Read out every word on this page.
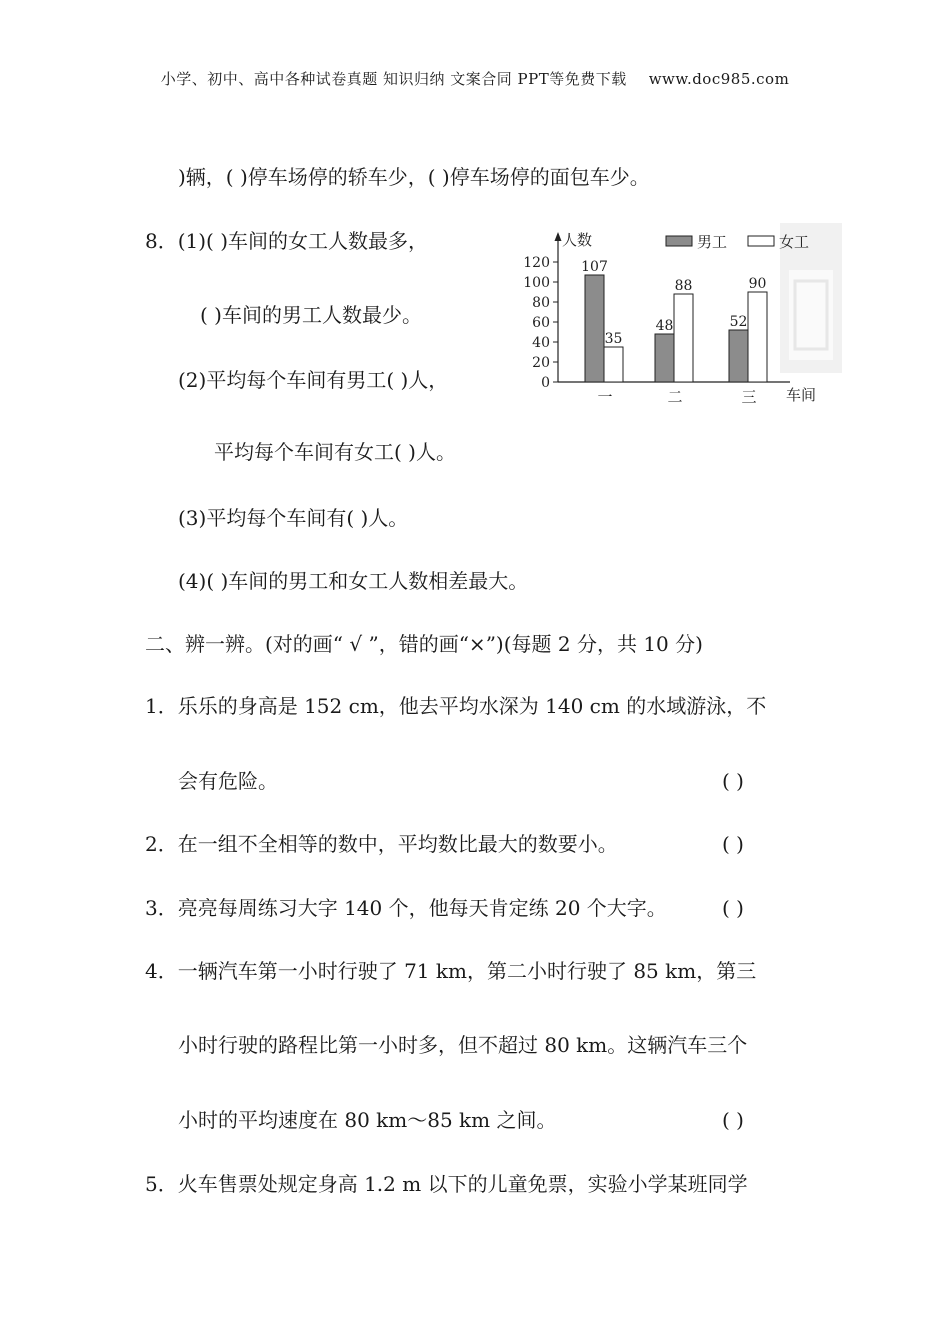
小学、初中、高中各种试卷真题 知识归纳 文案合同 PPT等免费下载 www.doc985.com
)辆，( )停车场停的轿车少，( )停车场停的面包车少。
8．(1)( )车间的女工人数最多，
( )车间的男工人数最少。
(2)平均每个车间有男工( )人，
平均每个车间有女工( )人。
(3)平均每个车间有( )人。
(4)( )车间的男工和女工人数相差最大。
二、辨一辨。(对的画“ √ ”，错的画“×”)(每题 2 分，共 10 分)
1．乐乐的身高是 152 cm，他去平均水深为 140 cm 的水域游泳，不
会有危险。	( )
2．在一组不全相等的数中，平均数比最大的数要小。	( )
3．亮亮每周练习大字 140 个，他每天肯定练 20 个大字。	( )
4．一辆汽车第一小时行驶了 71 km，第二小时行驶了 85 km，第三
小时行驶的路程比第一小时多，但不超过 80 km。这辆汽车三个
小时的平均速度在 80 km～85 km 之间。	( )
5．火车售票处规定身高 1.2 m 以下的儿童免票，实验小学某班同学
0
20
40
60
80
100
120
人数
车间
107
35
一
48
88
二
52
90
三
男工	女工
